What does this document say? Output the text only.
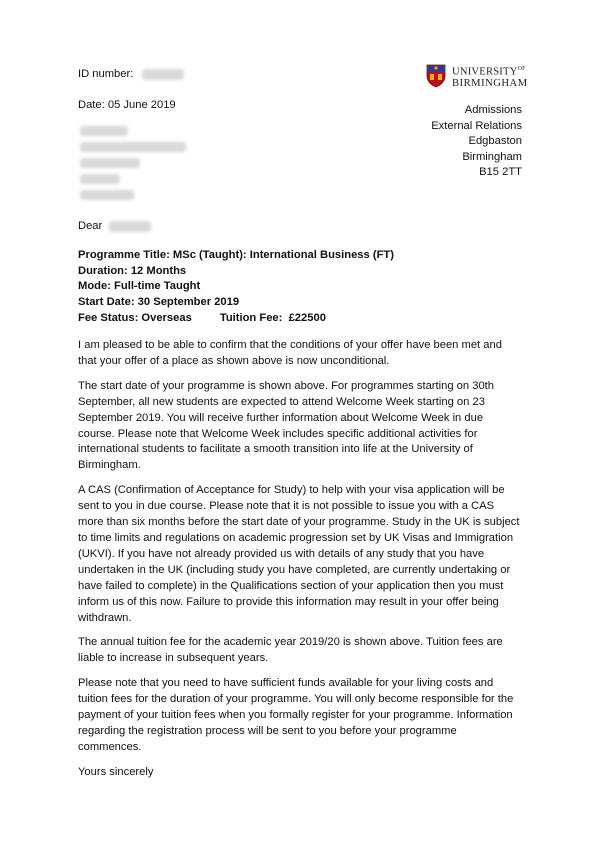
ID number:
Date: 05 June 2019
$UNIVERSITY^{OF}$
BIRMINGHAM
Admissions
External Relations
Edgbaston
Birmingham
B15 2TT
Dear
Programme Title: MSc (Taught): International Business (FT)
Duration: 12 Months
Mode: Full-time Taught
Start Date: 30 September 2019
Fee Status: Overseas	Tuition Fee:  £22500

I am pleased to be able to confirm that the conditions of your offer have been met and that your offer of a place as shown above is now unconditional.

The start date of your programme is shown above. For programmes starting on 30th September, all new students are expected to attend Welcome Week starting on 23 September 2019. You will receive further information about Welcome Week in due course. Please note that Welcome Week includes specific additional activities for international students to facilitate a smooth transition into life at the University of Birmingham.

A CAS (Confirmation of Acceptance for Study) to help with your visa application will be sent to you in due course. Please note that it is not possible to issue you with a CAS more than six months before the start date of your programme. Study in the UK is subject to time limits and regulations on academic progression set by UK Visas and Immigration (UKVI). If you have not already provided us with details of any study that you have undertaken in the UK (including study you have completed, are currently undertaking or have failed to complete) in the Qualifications section of your application then you must inform us of this now. Failure to provide this information may result in your offer being withdrawn.

The annual tuition fee for the academic year 2019/20 is shown above. Tuition fees are liable to increase in subsequent years.

Please note that you need to have sufficient funds available for your living costs and tuition fees for the duration of your programme. You will only become responsible for the payment of your tuition fees when you formally register for your programme. Information regarding the registration process will be sent to you before your programme commences.

Yours sincerely
